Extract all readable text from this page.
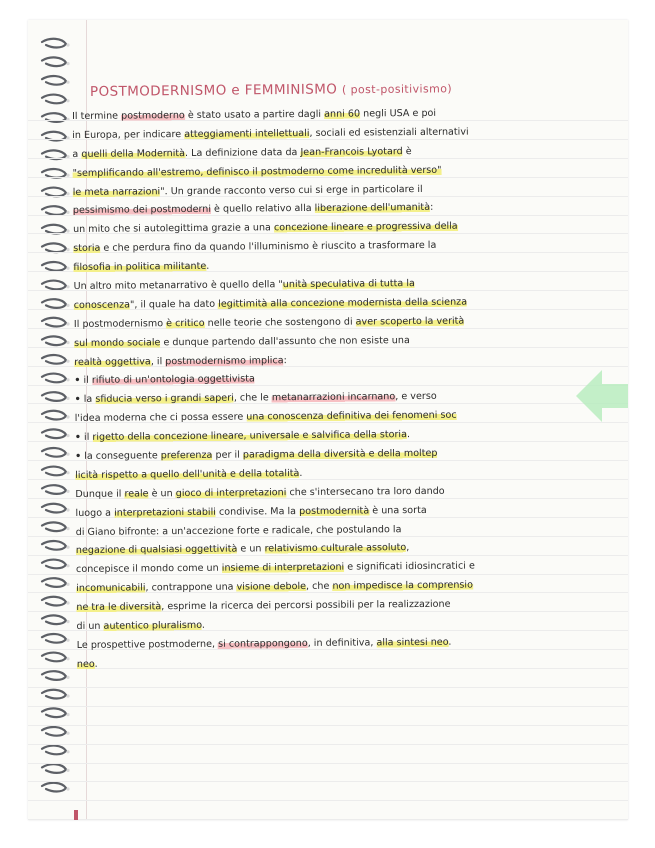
POSTMODERNISMO e FEMMINISMO ( post-positivismo)
Il termine postmoderno è stato usato a partire dagli anni 60 negli USA e poi
in Europa, per indicare atteggiamenti intellettuali, sociali ed esistenziali alternativi
a quelli della Modernità. La definizione data da Jean-Francois Lyotard è
"semplificando all'estremo, definisco il postmoderno come incredulità verso"
le meta narrazioni". Un grande racconto verso cui si erge in particolare il
pessimismo dei postmoderni è quello relativo alla liberazione dell'umanità:
un mito che si autolegittima grazie a una concezione lineare e progressiva della
storia e che perdura fino da quando l'illuminismo è riuscito a trasformare la
filosofia in politica militante.
Un altro mito metanarrativo è quello della "unità speculativa di tutta la
conoscenza", il quale ha dato legittimità alla concezione modernista della scienza
Il postmodernismo è critico nelle teorie che sostengono di aver scoperto la verità
sul mondo sociale e dunque partendo dall'assunto che non esiste una
realtà oggettiva, il postmodernismo implica:
• il rifiuto di un'ontologia oggettivista
• la sfiducia verso i grandi saperi, che le metanarrazioni incarnano, e verso
l'idea moderna che ci possa essere una conoscenza definitiva dei fenomeni soc
• il rigetto della concezione lineare, universale e salvifica della storia.
• la conseguente preferenza per il paradigma della diversità e della moltep
licità rispetto a quello dell'unità e della totalità.
Dunque il reale è un gioco di interpretazioni che s'intersecano tra loro dando
luogo a interpretazioni stabili condivise. Ma la postmodernità è una sorta
di Giano bifronte: a un'accezione forte e radicale, che postulando la
negazione di qualsiasi oggettività e un relativismo culturale assoluto,
concepisce il mondo come un insieme di interpretazioni e significati idiosincratici e
incomunicabili, contrappone una visione debole, che non impedisce la comprensio
ne tra le diversità, esprime la ricerca dei percorsi possibili per la realizzazione
di un autentico pluralismo.
Le prospettive postmoderne, si contrappongono, in definitiva, alla sintesi neo.
neo.
